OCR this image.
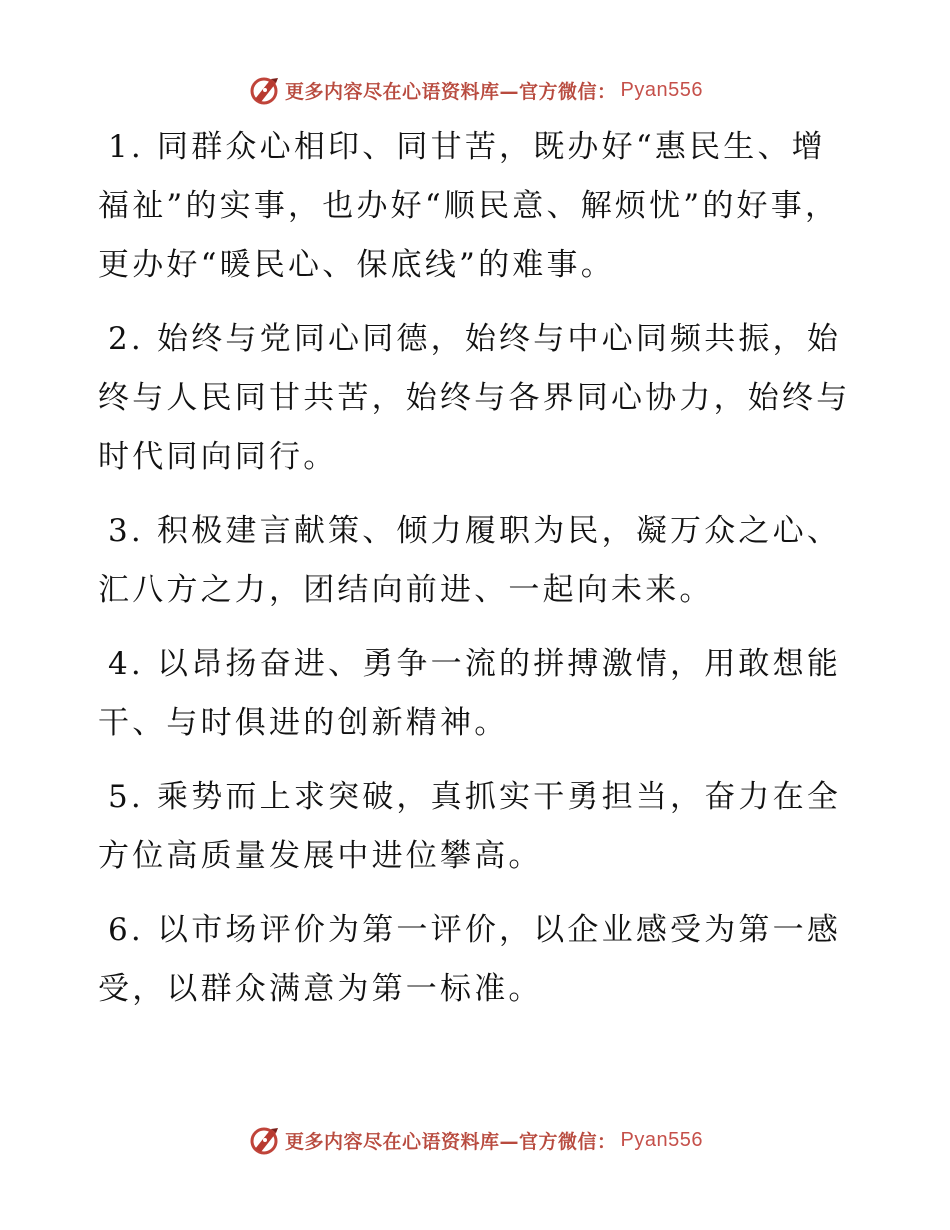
更多内容尽在心语资料库—官方微信： Pyan556

1. 同群众心相印、同甘苦，既办好“惠民生、增福祉”的实事，也办好“顺民意、解烦忧”的好事，更办好“暖民心、保底线”的难事。

2. 始终与党同心同德，始终与中心同频共振，始终与人民同甘共苦，始终与各界同心协力，始终与时代同向同行。

3. 积极建言献策、倾力履职为民，凝万众之心、汇八方之力，团结向前进、一起向未来。

4. 以昂扬奋进、勇争一流的拼搏激情，用敢想能干、与时俱进的创新精神。

5. 乘势而上求突破，真抓实干勇担当，奋力在全方位高质量发展中进位攀高。

6. 以市场评价为第一评价，以企业感受为第一感受，以群众满意为第一标准。

更多内容尽在心语资料库—官方微信： Pyan556
